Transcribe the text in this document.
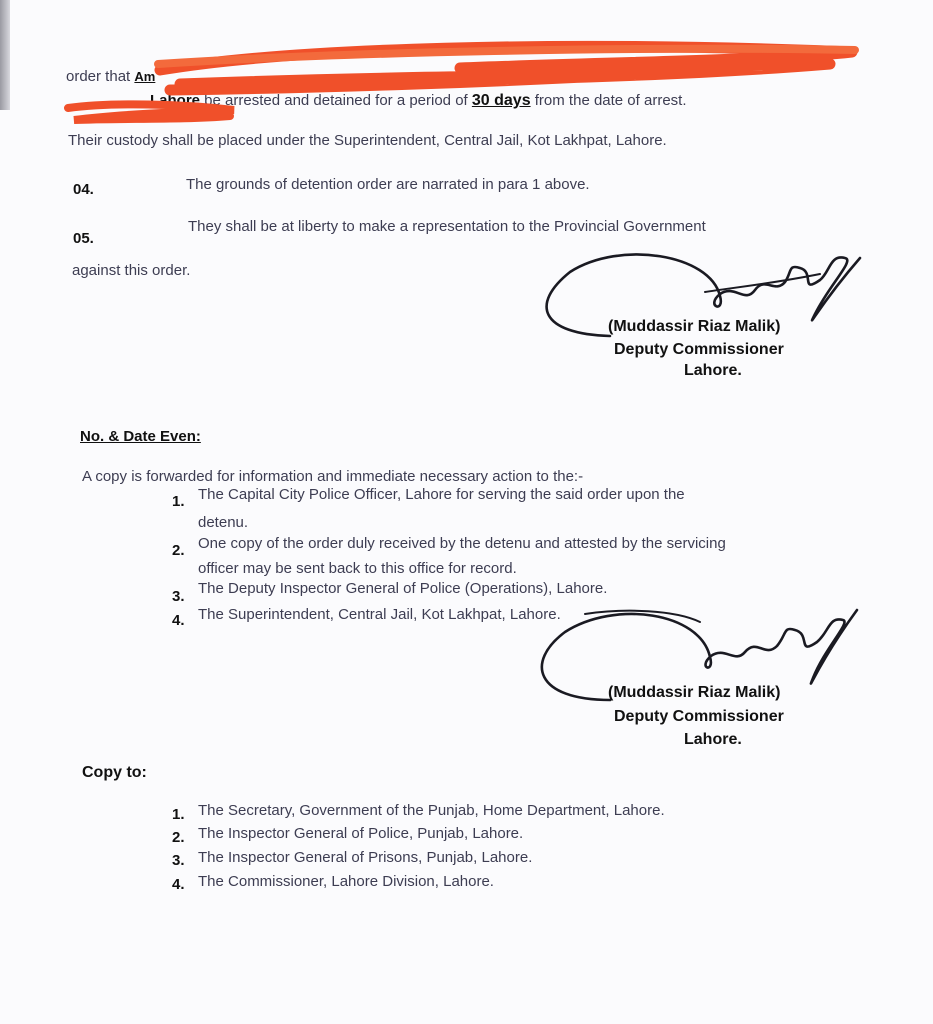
order that Am
Lahore be arrested and detained for a period of 30 days from the date of arrest.
Their custody shall be placed under the Superintendent, Central Jail, Kot Lakhpat, Lahore.
04.	The grounds of detention order are narrated in para 1 above.
05.
They shall be at liberty to make a representation to the Provincial Government
against this order.
(Muddassir Riaz Malik)
Deputy Commissioner
Lahore.
No. & Date Even:
A copy is forwarded for information and immediate necessary action to the:-
1. The Capital City Police Officer, Lahore for serving the said order upon the
detenu.
2. One copy of the order duly received by the detenu and attested by the servicing
officer may be sent back to this office for record.
3. The Deputy Inspector General of Police (Operations), Lahore.
4. The Superintendent, Central Jail, Kot Lakhpat, Lahore.
(Muddassir Riaz Malik)
Deputy Commissioner
Lahore.
Copy to:
1. The Secretary, Government of the Punjab, Home Department, Lahore.
2. The Inspector General of Police, Punjab, Lahore.
3. The Inspector General of Prisons, Punjab, Lahore.
4. The Commissioner, Lahore Division, Lahore.
